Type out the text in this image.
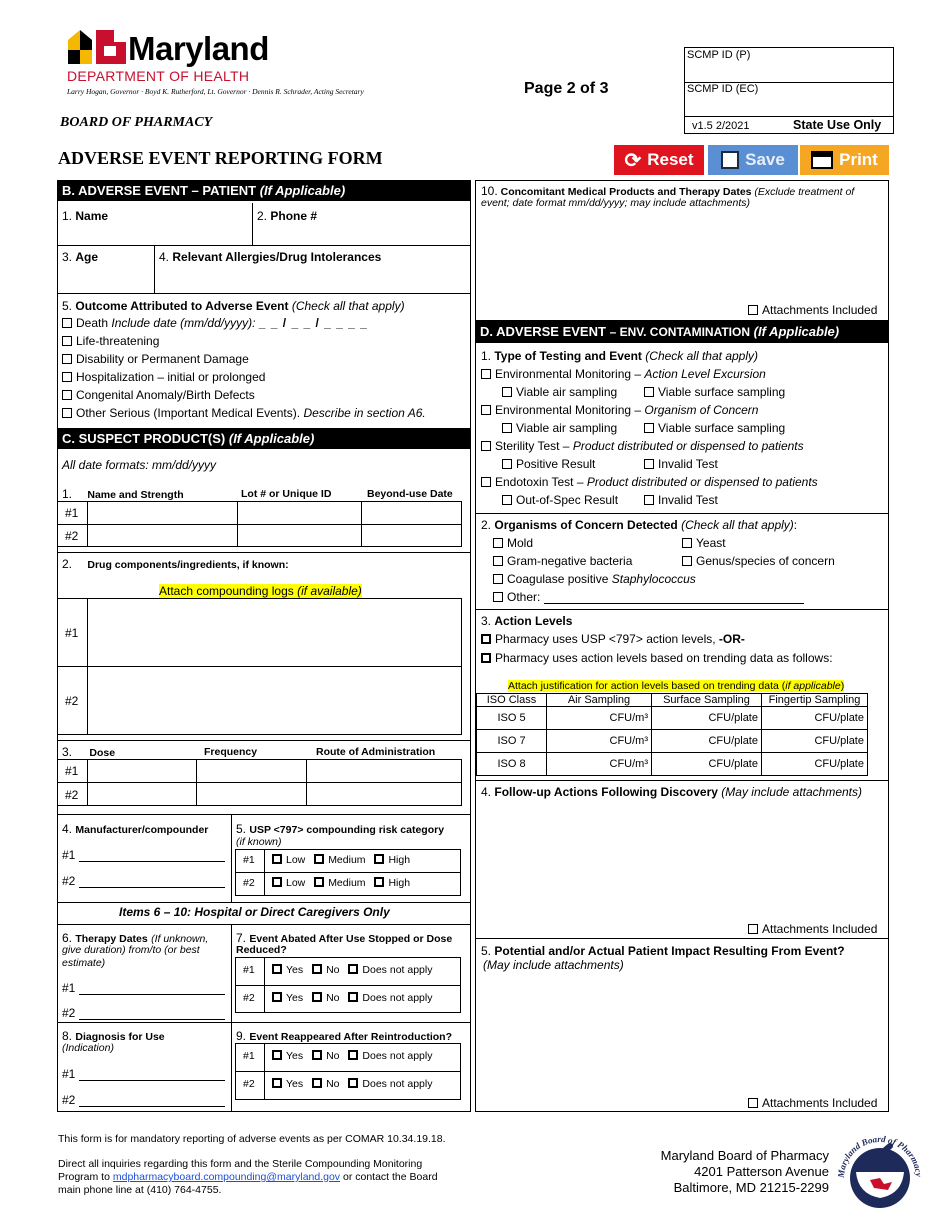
Maryland
DEPARTMENT OF HEALTH
Larry Hogan, Governor · Boyd K. Rutherford, Lt. Governor · Dennis R. Schrader, Acting Secretary
BOARD OF PHARMACY
ADVERSE EVENT REPORTING FORM
Page 2 of 3
SCMP ID (P)
SCMP ID (EC)
v1.5 2/2021	State Use Only
⟳ Reset	Save	Print
B. ADVERSE EVENT – PATIENT (If Applicable)
1. Name	2. Phone #
3. Age	4. Relevant Allergies/Drug Intolerances
5. Outcome Attributed to Adverse Event (Check all that apply)
Death Include date (mm/dd/yyyy): _ _ / _ _ / _ _ _ _
Life-threatening
Disability or Permanent Damage
Hospitalization – initial or prolonged
Congenital Anomaly/Birth Defects
Other Serious (Important Medical Events). Describe in section A6.
C. SUSPECT PRODUCT(S) (If Applicable)
All date formats: mm/dd/yyyy
1. Name and Strength	Lot # or Unique ID	Beyond-use Date
#1
#2
2. Drug components/ingredients, if known:
Attach compounding logs (if available)
#1
#2
3. Dose	Frequency	Route of Administration
#1
#2
4. Manufacturer/compounder
#1
#2
5. USP <797> compounding risk category
(if known)
#1
#2
Low Medium High
Low Medium High
Items 6 – 10: Hospital or Direct Caregivers Only
6. Therapy Dates (If unknown,
give duration) from/to (or best
estimate)
#1
#2
7. Event Abated After Use Stopped or Dose
Reduced?
#1
#2
Yes No Does not apply
Yes No Does not apply
8. Diagnosis for Use
(Indication)
#1
#2
9. Event Reappeared After Reintroduction?
#1
#2
Yes No Does not apply
Yes No Does not apply
10. Concomitant Medical Products and Therapy Dates (Exclude treatment of
event; date format mm/dd/yyyy; may include attachments)
Attachments Included
D. ADVERSE EVENT – ENV. CONTAMINATION (If Applicable)
1. Type of Testing and Event (Check all that apply)
Environmental Monitoring – Action Level Excursion
Viable air sampling	Viable surface sampling
Environmental Monitoring – Organism of Concern
Viable air sampling	Viable surface sampling
Sterility Test – Product distributed or dispensed to patients
Positive Result	Invalid Test
Endotoxin Test – Product distributed or dispensed to patients
Out-of-Spec Result	Invalid Test
2. Organisms of Concern Detected (Check all that apply):
Mold	Yeast
Gram-negative bacteria	Genus/species of concern
Coagulase positive Staphylococcus
Other:
3. Action Levels
Pharmacy uses USP <797> action levels, -OR-
Pharmacy uses action levels based on trending data as follows:
Attach justification for action levels based on trending data (if applicable)
ISO Class	Air Sampling	Surface Sampling	Fingertip Sampling
ISO 5	CFU/m³	CFU/plate	CFU/plate
ISO 7	CFU/m³	CFU/plate	CFU/plate
ISO 8	CFU/m³	CFU/plate	CFU/plate
4. Follow-up Actions Following Discovery (May include attachments)
Attachments Included
5. Potential and/or Actual Patient Impact Resulting From Event?
(May include attachments)
Attachments Included
This form is for mandatory reporting of adverse events as per COMAR 10.34.19.18.
Direct all inquiries regarding this form and the Sterile Compounding Monitoring
Program to mdpharmacyboard.compounding@maryland.gov or contact the Board
main phone line at (410) 764-4755.
Maryland Board of Pharmacy
4201 Patterson Avenue
Baltimore, MD 21215-2299
Maryland Board of Pharmacy
